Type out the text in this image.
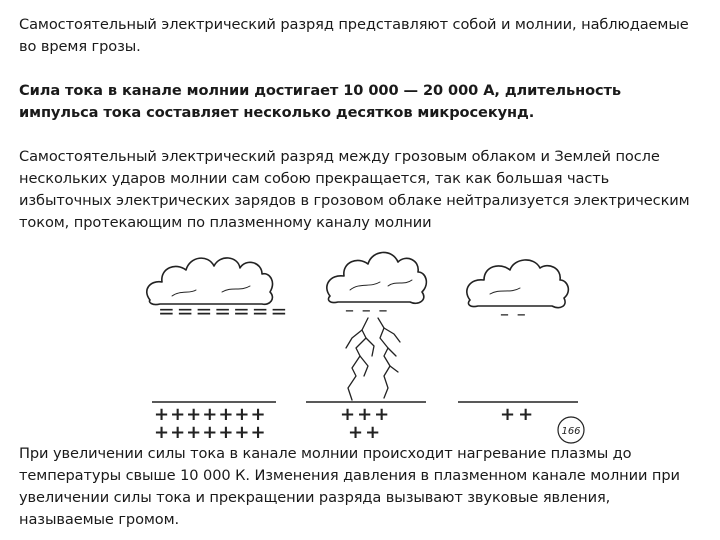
Самостоятельный электрический разряд представляют собой и молнии, наблюдаемые во время грозы.

Сила тока в канале молнии достигает 10 000 — 20 000 А, длительность импульса тока составляет несколько десятков микросекунд.

Самостоятельный электрический разряд между грозовым облаком и Землей после нескольких ударов молнии сам собою прекращается, так как большая часть избыточных электрических зарядов в грозовом облаке нейтрализуется электрическим током, протекающим по плазменному каналу молнии

=======	– – –	– –
+++++++
+++++++
+++
++
++
166

При увеличении силы тока в канале молнии происходит нагревание плазмы до температуры свыше 10 000 К. Изменения давления в плазменном канале молнии при увеличении силы тока и прекращении разряда вызывают звуковые явления, называемые громом.
